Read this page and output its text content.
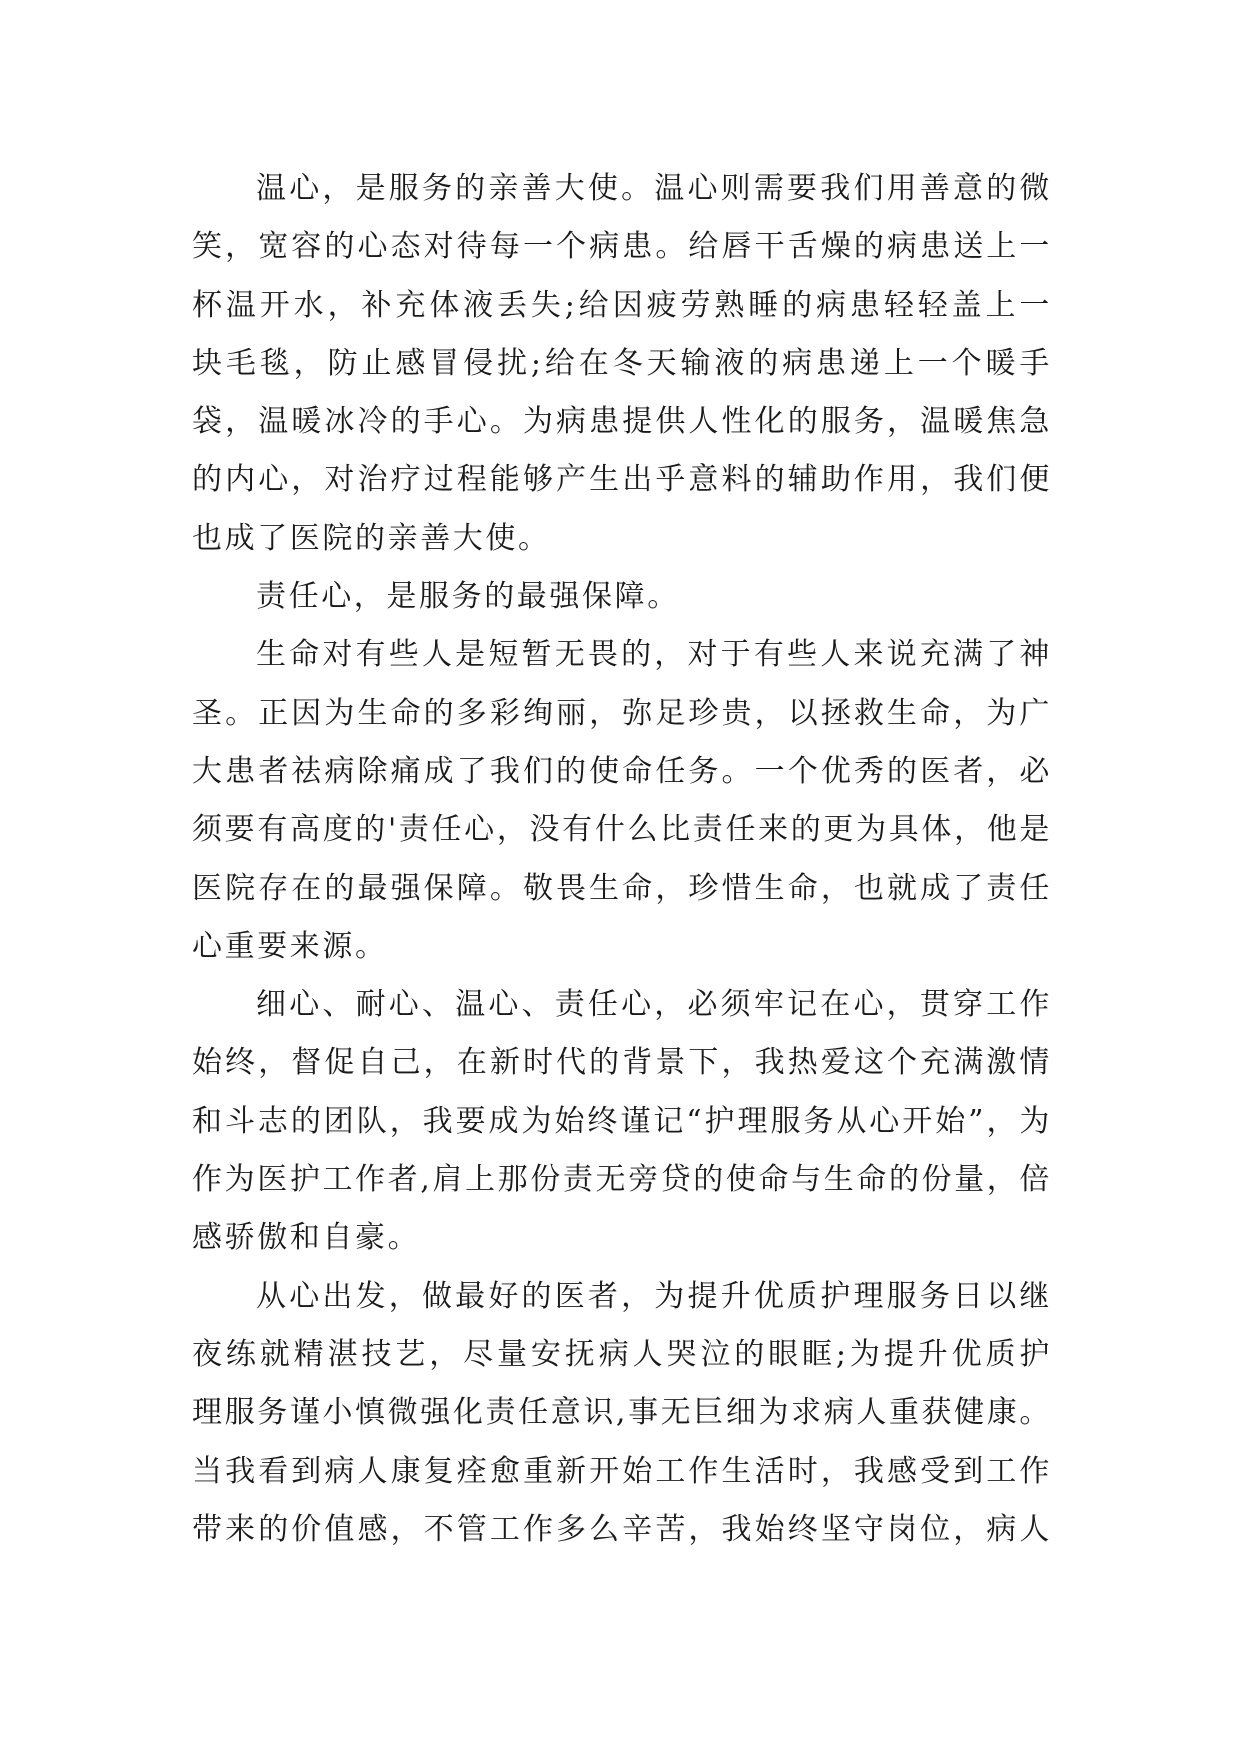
温心，是服务的亲善大使。温心则需要我们用善意的微笑，宽容的心态对待每一个病患。给唇干舌燥的病患送上一杯温开水，补充体液丢失;给因疲劳熟睡的病患轻轻盖上一块毛毯，防止感冒侵扰;给在冬天输液的病患递上一个暖手袋，温暖冰冷的手心。为病患提供人性化的服务，温暖焦急的内心，对治疗过程能够产生出乎意料的辅助作用，我们便也成了医院的亲善大使。

责任心，是服务的最强保障。

生命对有些人是短暂无畏的，对于有些人来说充满了神圣。正因为生命的多彩绚丽，弥足珍贵，以拯救生命，为广大患者祛病除痛成了我们的使命任务。一个优秀的医者，必须要有高度的'责任心，没有什么比责任来的更为具体，他是医院存在的最强保障。敬畏生命，珍惜生命，也就成了责任心重要来源。

细心、耐心、温心、责任心，必须牢记在心，贯穿工作始终，督促自己，在新时代的背景下，我热爱这个充满激情和斗志的团队，我要成为始终谨记“护理服务从心开始”，为作为医护工作者,肩上那份责无旁贷的使命与生命的份量，倍感骄傲和自豪。

从心出发，做最好的医者，为提升优质护理服务日以继夜练就精湛技艺，尽量安抚病人哭泣的眼眶;为提升优质护理服务谨小慎微强化责任意识,事无巨细为求病人重获健康。当我看到病人康复痊愈重新开始工作生活时，我感受到工作带来的价值感，不管工作多么辛苦，我始终坚守岗位，病人
